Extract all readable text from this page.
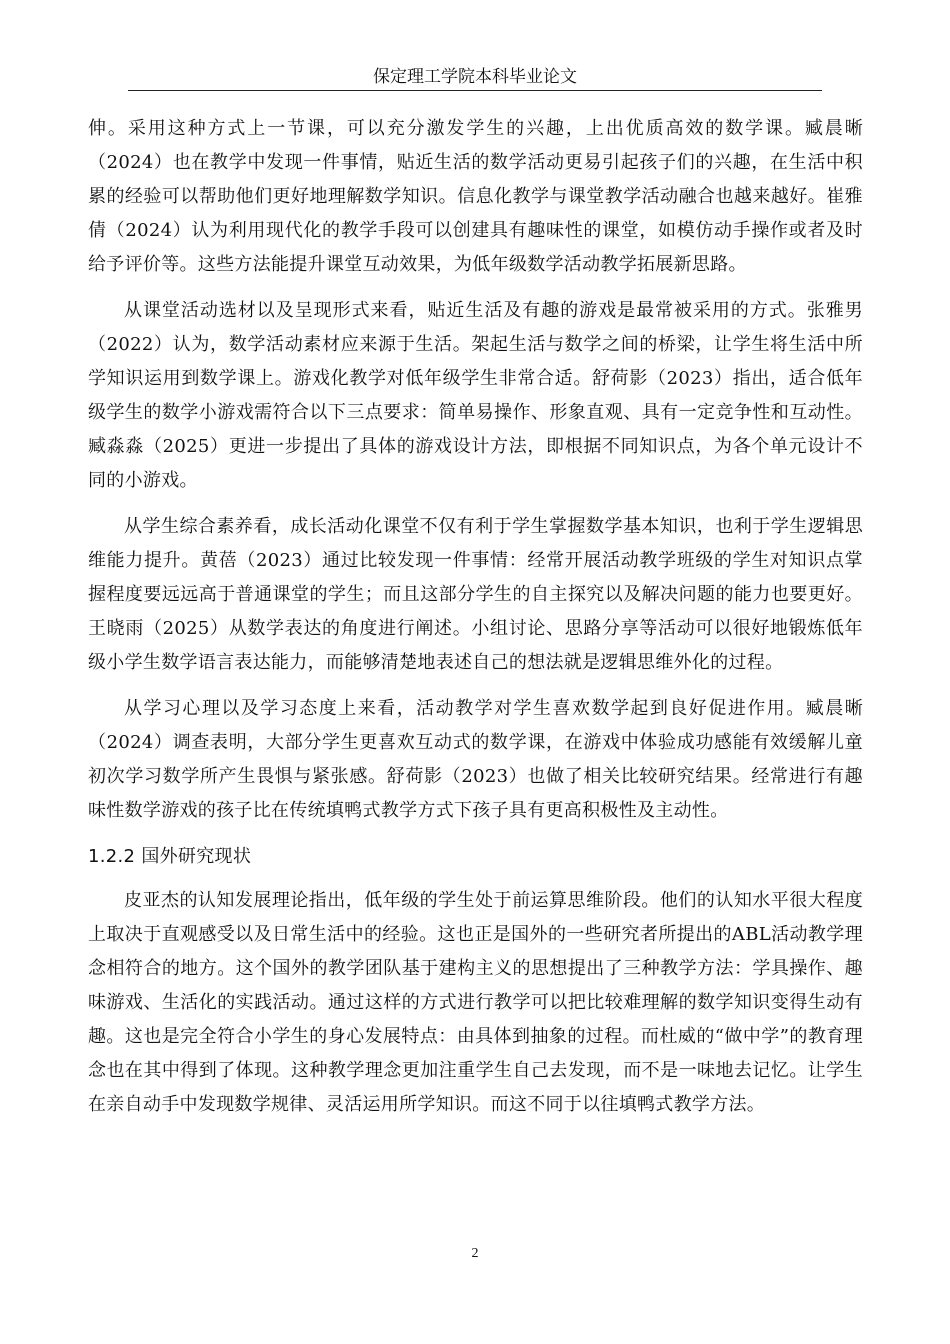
保定理工学院本科毕业论文

伸。采用这种方式上一节课，可以充分激发学生的兴趣，上出优质高效的数学课。臧晨晰（2024）也在教学中发现一件事情，贴近生活的数学活动更易引起孩子们的兴趣，在生活中积累的经验可以帮助他们更好地理解数学知识。信息化教学与课堂教学活动融合也越来越好。崔雅倩（2024）认为利用现代化的教学手段可以创建具有趣味性的课堂，如模仿动手操作或者及时给予评价等。这些方法能提升课堂互动效果，为低年级数学活动教学拓展新思路。

从课堂活动选材以及呈现形式来看，贴近生活及有趣的游戏是最常被采用的方式。张雅男（2022）认为，数学活动素材应来源于生活。架起生活与数学之间的桥梁，让学生将生活中所学知识运用到数学课上。游戏化教学对低年级学生非常合适。舒荷影（2023）指出，适合低年级学生的数学小游戏需符合以下三点要求：简单易操作、形象直观、具有一定竞争性和互动性。臧淼淼（2025）更进一步提出了具体的游戏设计方法，即根据不同知识点，为各个单元设计不同的小游戏。

从学生综合素养看，成长活动化课堂不仅有利于学生掌握数学基本知识，也利于学生逻辑思维能力提升。黄蓓（2023）通过比较发现一件事情：经常开展活动教学班级的学生对知识点掌握程度要远远高于普通课堂的学生；而且这部分学生的自主探究以及解决问题的能力也要更好。王晓雨（2025）从数学表达的角度进行阐述。小组讨论、思路分享等活动可以很好地锻炼低年级小学生数学语言表达能力，而能够清楚地表述自己的想法就是逻辑思维外化的过程。

从学习心理以及学习态度上来看，活动教学对学生喜欢数学起到良好促进作用。臧晨晰（2024）调查表明，大部分学生更喜欢互动式的数学课，在游戏中体验成功感能有效缓解儿童初次学习数学所产生畏惧与紧张感。舒荷影（2023）也做了相关比较研究结果。经常进行有趣味性数学游戏的孩子比在传统填鸭式教学方式下孩子具有更高积极性及主动性。

1.2.2 国外研究现状

皮亚杰的认知发展理论指出，低年级的学生处于前运算思维阶段。他们的认知水平很大程度上取决于直观感受以及日常生活中的经验。这也正是国外的一些研究者所提出的ABL活动教学理念相符合的地方。这个国外的教学团队基于建构主义的思想提出了三种教学方法：学具操作、趣味游戏、生活化的实践活动。通过这样的方式进行教学可以把比较难理解的数学知识变得生动有趣。这也是完全符合小学生的身心发展特点：由具体到抽象的过程。而杜威的“做中学”的教育理念也在其中得到了体现。这种教学理念更加注重学生自己去发现，而不是一味地去记忆。让学生在亲自动手中发现数学规律、灵活运用所学知识。而这不同于以往填鸭式教学方法。

2
